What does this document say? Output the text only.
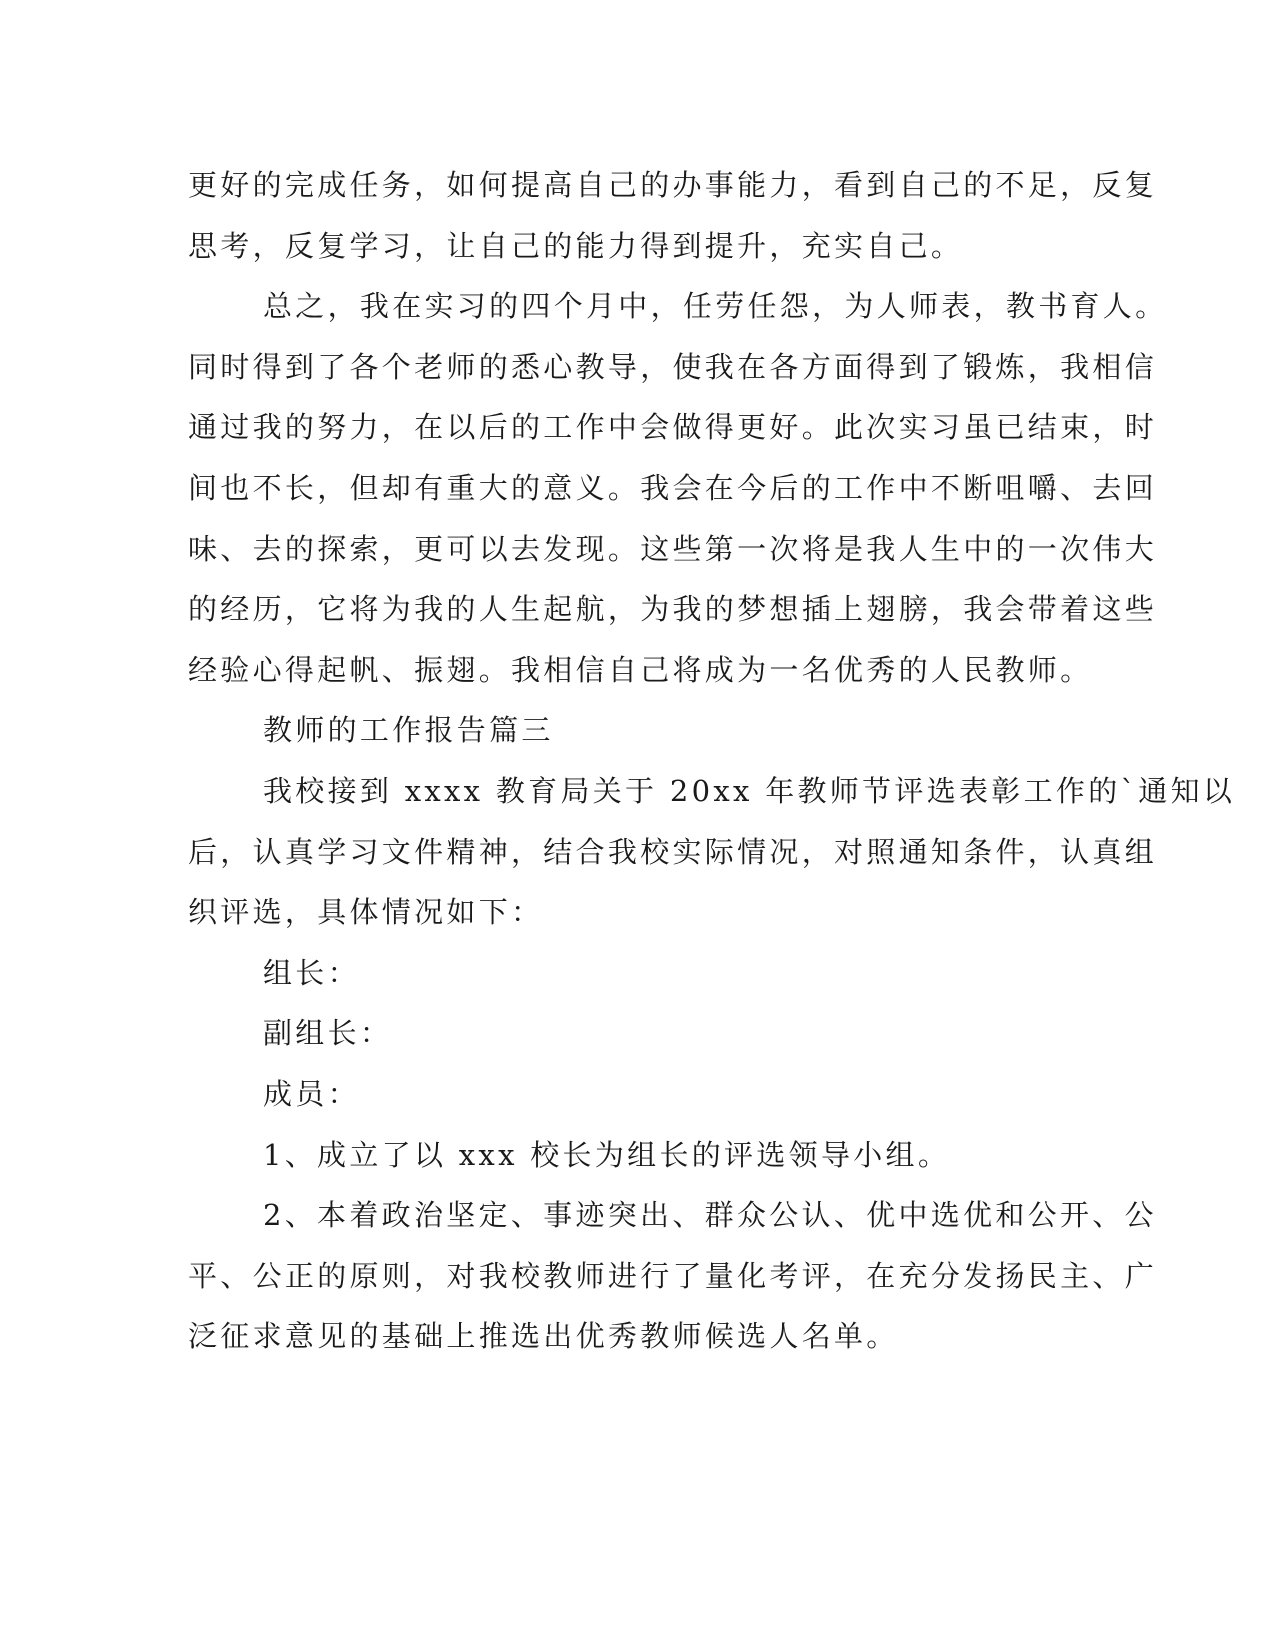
更好的完成任务，如何提高自己的办事能力，看到自己的不足，反复
思考，反复学习，让自己的能力得到提升，充实自己。
总之，我在实习的四个月中，任劳任怨，为人师表，教书育人。
同时得到了各个老师的悉心教导，使我在各方面得到了锻炼，我相信
通过我的努力，在以后的工作中会做得更好。此次实习虽已结束，时
间也不长，但却有重大的意义。我会在今后的工作中不断咀嚼、去回
味、去的探索，更可以去发现。这些第一次将是我人生中的一次伟大
的经历，它将为我的人生起航，为我的梦想插上翅膀，我会带着这些
经验心得起帆、振翅。我相信自己将成为一名优秀的人民教师。
教师的工作报告篇三
我校接到 xxxx 教育局关于 20xx 年教师节评选表彰工作的`通知以
后，认真学习文件精神，结合我校实际情况，对照通知条件，认真组
织评选，具体情况如下：
组长：
副组长：
成员：
1、成立了以 xxx 校长为组长的评选领导小组。
2、本着政治坚定、事迹突出、群众公认、优中选优和公开、公
平、公正的原则，对我校教师进行了量化考评，在充分发扬民主、广
泛征求意见的基础上推选出优秀教师候选人名单。
